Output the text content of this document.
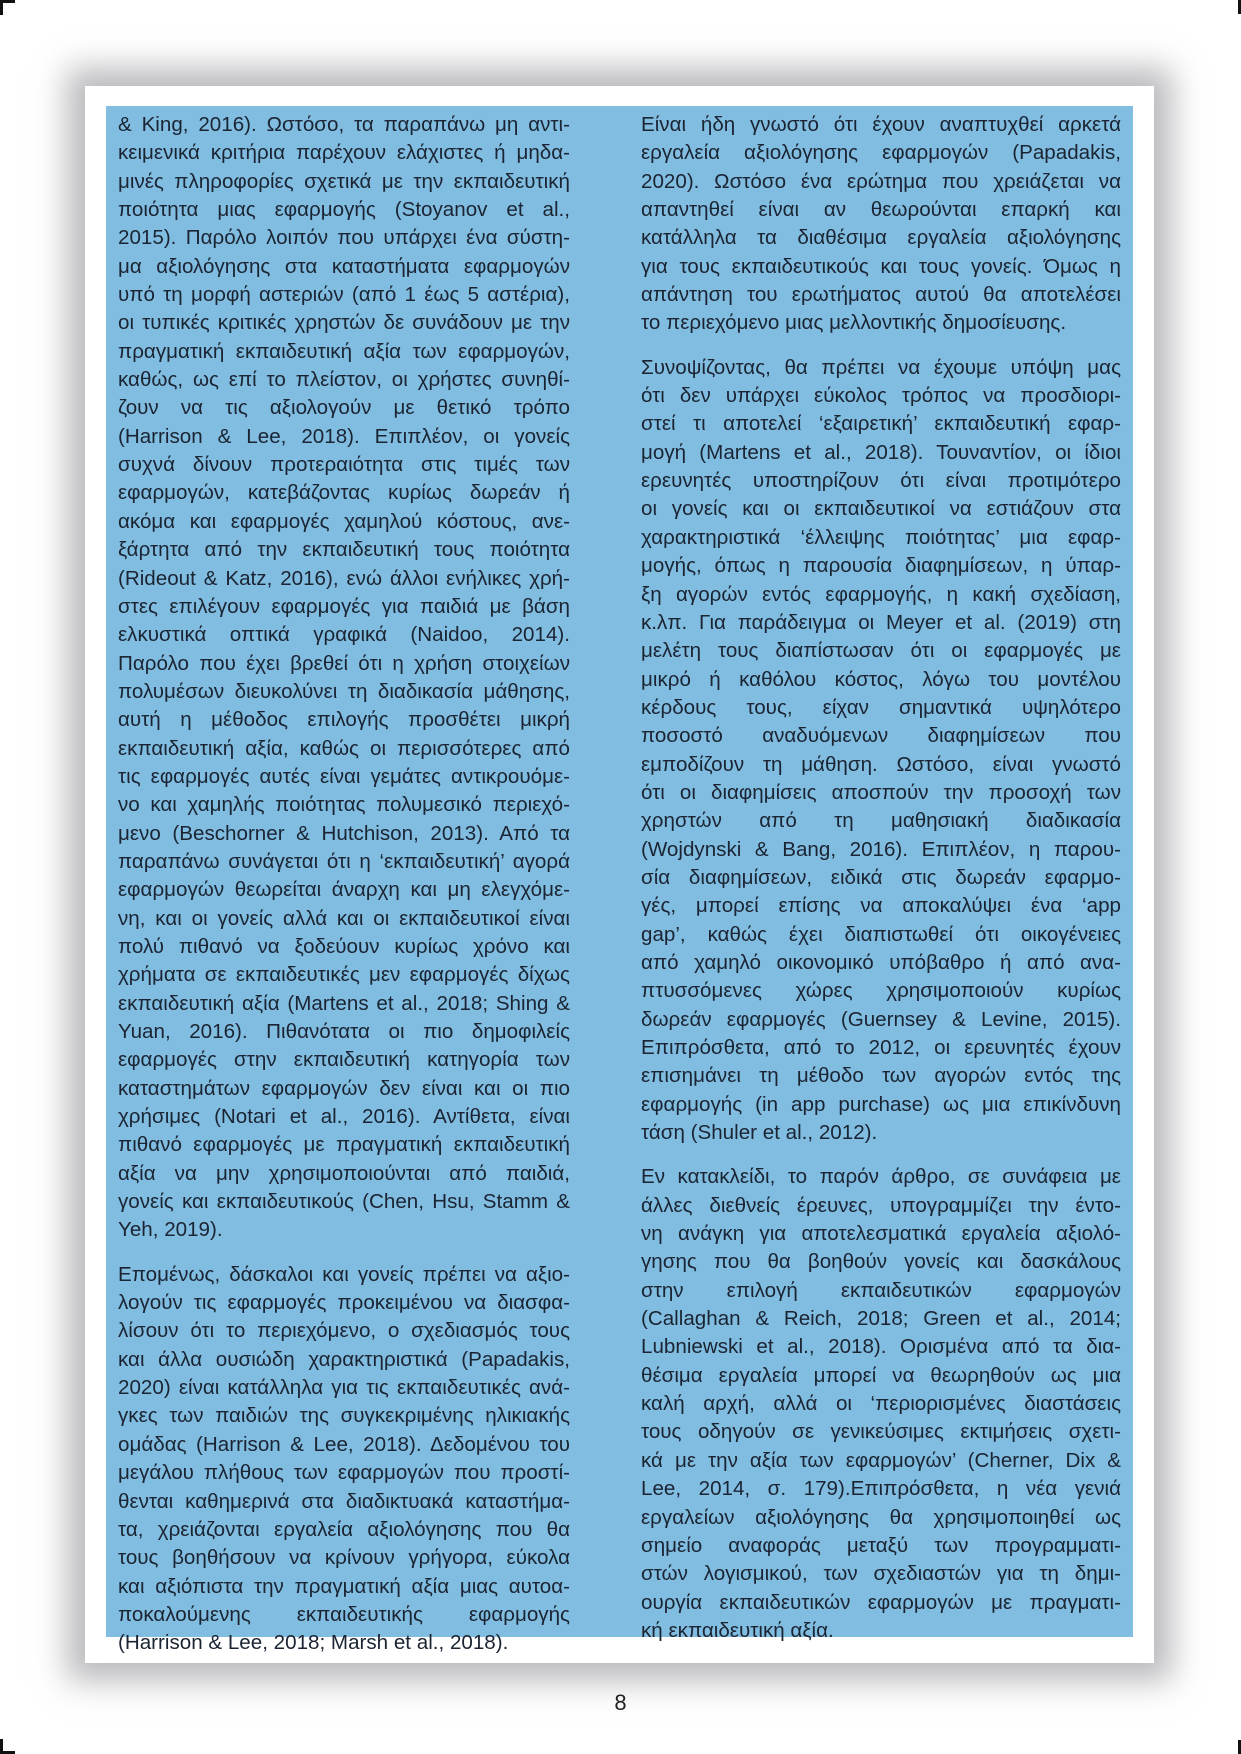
& King, 2016). Ωστόσο, τα παραπάνω μη αντι-
κειμενικά κριτήρια παρέχουν ελάχιστες ή μηδα-
μινές πληροφορίες σχετικά με την εκπαιδευτική
ποιότητα μιας εφαρμογής (Stoyanov et al.,
2015). Παρόλο λοιπόν που υπάρχει ένα σύστη-
μα αξιολόγησης στα καταστήματα εφαρμογών
υπό τη μορφή αστεριών (από 1 έως 5 αστέρια),
οι τυπικές κριτικές χρηστών δε συνάδουν με την
πραγματική εκπαιδευτική αξία των εφαρμογών,
καθώς, ως επί το πλείστον, οι χρήστες συνηθί-
ζουν να τις αξιολογούν με θετικό τρόπο
(Harrison & Lee, 2018). Επιπλέον, οι γονείς
συχνά δίνουν προτεραιότητα στις τιμές των
εφαρμογών, κατεβάζοντας κυρίως δωρεάν ή
ακόμα και εφαρμογές χαμηλού κόστους, ανε-
ξάρτητα από την εκπαιδευτική τους ποιότητα
(Rideout & Katz, 2016), ενώ άλλοι ενήλικες χρή-
στες επιλέγουν εφαρμογές για παιδιά με βάση
ελκυστικά οπτικά γραφικά (Naidoo, 2014).
Παρόλο που έχει βρεθεί ότι η χρήση στοιχείων
πολυμέσων διευκολύνει τη διαδικασία μάθησης,
αυτή η μέθοδος επιλογής προσθέτει μικρή
εκπαιδευτική αξία, καθώς οι περισσότερες από
τις εφαρμογές αυτές είναι γεμάτες αντικρουόμε-
νο και χαμηλής ποιότητας πολυμεσικό περιεχό-
μενο (Beschorner & Hutchison, 2013). Από τα
παραπάνω συνάγεται ότι η ‘εκπαιδευτική’ αγορά
εφαρμογών θεωρείται άναρχη και μη ελεγχόμε-
νη, και οι γονείς αλλά και οι εκπαιδευτικοί είναι
πολύ πιθανό να ξοδεύουν κυρίως χρόνο και
χρήματα σε εκπαιδευτικές μεν εφαρμογές δίχως
εκπαιδευτική αξία (Martens et al., 2018; Shing &
Yuan, 2016). Πιθανότατα οι πιο δημοφιλείς
εφαρμογές στην εκπαιδευτική κατηγορία των
καταστημάτων εφαρμογών δεν είναι και οι πιο
χρήσιμες (Notari et al., 2016). Αντίθετα, είναι
πιθανό εφαρμογές με πραγματική εκπαιδευτική
αξία να μην χρησιμοποιούνται από παιδιά,
γονείς και εκπαιδευτικούς (Chen, Hsu, Stamm &
Yeh, 2019).
Επομένως, δάσκαλοι και γονείς πρέπει να αξιο-
λογούν τις εφαρμογές προκειμένου να διασφα-
λίσουν ότι το περιεχόμενο, ο σχεδιασμός τους
και άλλα ουσιώδη χαρακτηριστικά (Papadakis,
2020) είναι κατάλληλα για τις εκπαιδευτικές ανά-
γκες των παιδιών της συγκεκριμένης ηλικιακής
ομάδας (Harrison & Lee, 2018). Δεδομένου του
μεγάλου πλήθους των εφαρμογών που προστί-
θενται καθημερινά στα διαδικτυακά καταστήμα-
τα, χρειάζονται εργαλεία αξιολόγησης που θα
τους βοηθήσουν να κρίνουν γρήγορα, εύκολα
και αξιόπιστα την πραγματική αξία μιας αυτοα-
ποκαλούμενης εκπαιδευτικής εφαρμογής
(Harrison & Lee, 2018; Marsh et al., 2018).
Είναι ήδη γνωστό ότι έχουν αναπτυχθεί αρκετά
εργαλεία αξιολόγησης εφαρμογών (Papadakis,
2020). Ωστόσο ένα ερώτημα που χρειάζεται να
απαντηθεί είναι αν θεωρούνται επαρκή και
κατάλληλα τα διαθέσιμα εργαλεία αξιολόγησης
για τους εκπαιδευτικούς και τους γονείς. Όμως η
απάντηση του ερωτήματος αυτού θα αποτελέσει
το περιεχόμενο μιας μελλοντικής δημοσίευσης.
Συνοψίζοντας, θα πρέπει να έχουμε υπόψη μας
ότι δεν υπάρχει εύκολος τρόπος να προσδιορι-
στεί τι αποτελεί ‘εξαιρετική’ εκπαιδευτική εφαρ-
μογή (Martens et al., 2018). Τουναντίον, οι ίδιοι
ερευνητές υποστηρίζουν ότι είναι προτιμότερο
οι γονείς και οι εκπαιδευτικοί να εστιάζουν στα
χαρακτηριστικά ‘έλλειψης ποιότητας’ μια εφαρ-
μογής, όπως η παρουσία διαφημίσεων, η ύπαρ-
ξη αγορών εντός εφαρμογής, η κακή σχεδίαση,
κ.λπ. Για παράδειγμα οι Meyer et al. (2019) στη
μελέτη τους διαπίστωσαν ότι οι εφαρμογές με
μικρό ή καθόλου κόστος, λόγω του μοντέλου
κέρδους τους, είχαν σημαντικά υψηλότερο
ποσοστό αναδυόμενων διαφημίσεων που
εμποδίζουν τη μάθηση. Ωστόσο, είναι γνωστό
ότι οι διαφημίσεις αποσπούν την προσοχή των
χρηστών από τη μαθησιακή διαδικασία
(Wojdynski & Bang, 2016). Επιπλέον, η παρου-
σία διαφημίσεων, ειδικά στις δωρεάν εφαρμο-
γές, μπορεί επίσης να αποκαλύψει ένα ‘app
gap’, καθώς έχει διαπιστωθεί ότι οικογένειες
από χαμηλό οικονομικό υπόβαθρο ή από ανα-
πτυσσόμενες χώρες χρησιμοποιούν κυρίως
δωρεάν εφαρμογές (Guernsey & Levine, 2015).
Επιπρόσθετα, από το 2012, οι ερευνητές έχουν
επισημάνει τη μέθοδο των αγορών εντός της
εφαρμογής (in app purchase) ως μια επικίνδυνη
τάση (Shuler et al., 2012).
Εν κατακλείδι, το παρόν άρθρο, σε συνάφεια με
άλλες διεθνείς έρευνες, υπογραμμίζει την έντο-
νη ανάγκη για αποτελεσματικά εργαλεία αξιολό-
γησης που θα βοηθούν γονείς και δασκάλους
στην επιλογή εκπαιδευτικών εφαρμογών
(Callaghan & Reich, 2018; Green et al., 2014;
Lubniewski et al., 2018). Ορισμένα από τα δια-
θέσιμα εργαλεία μπορεί να θεωρηθούν ως μια
καλή αρχή, αλλά οι ‘περιορισμένες διαστάσεις
τους οδηγούν σε γενικεύσιμες εκτιμήσεις σχετι-
κά με την αξία των εφαρμογών’ (Cherner, Dix &
Lee, 2014, σ. 179).Επιπρόσθετα, η νέα γενιά
εργαλείων αξιολόγησης θα χρησιμοποιηθεί ως
σημείο αναφοράς μεταξύ των προγραμματι-
στών λογισμικού, των σχεδιαστών για τη δημι-
ουργία εκπαιδευτικών εφαρμογών με πραγματι-
κή εκπαιδευτική αξία.
8
